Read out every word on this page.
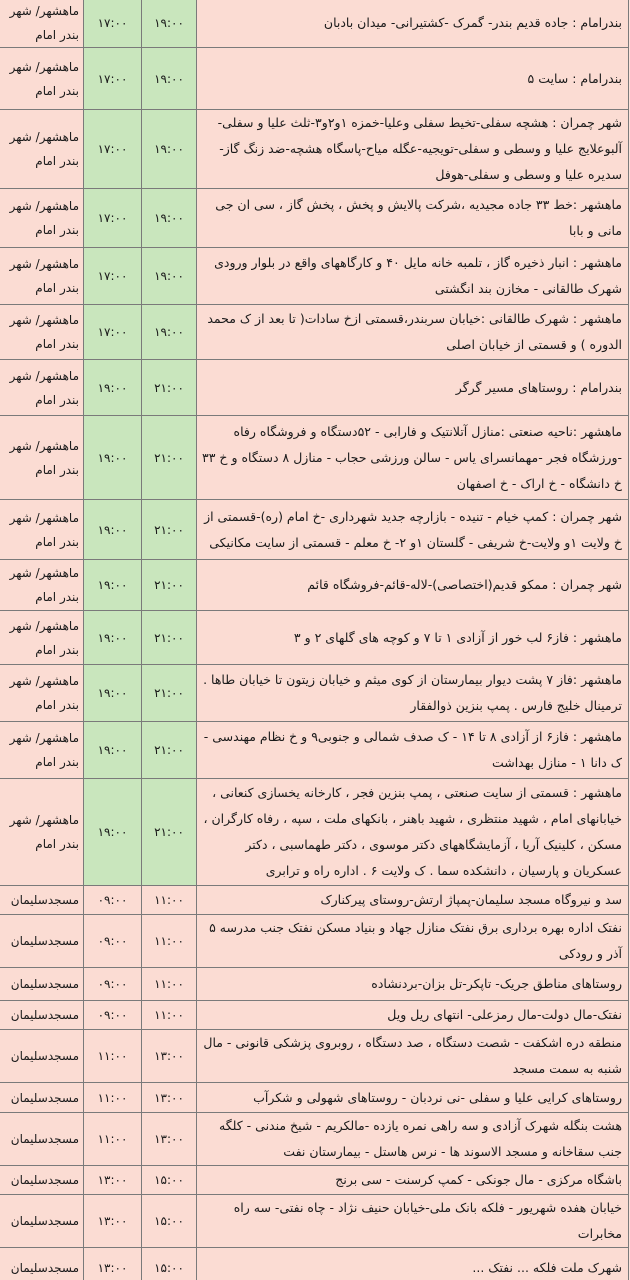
ماهشهر/ شهر بندر امام	۱۷:۰۰	۱۹:۰۰	بندرامام : جاده قدیم بندر- گمرک -کشتیرانی- میدان بادبان
ماهشهر/ شهر بندر امام	۱۷:۰۰	۱۹:۰۰	بندرامام : سایت ۵
ماهشهر/ شهر بندر امام	۱۷:۰۰	۱۹:۰۰	شهر چمران : هشچه سفلی-تخیط سفلی وعلیا-خمزه ۱و۲و۳-ثلث علیا و سفلی-آلبوعلایج علیا و وسطی و سفلی-تویجیه-عگله میاح-پاسگاه هشچه-ضد زنگ گاز-سدیره علیا و وسطی و سفلی-هوفل
ماهشهر/ شهر بندر امام	۱۷:۰۰	۱۹:۰۰	ماهشهر :خط ۳۳ جاده مجیدیه ،شرکت پالایش و پخش ، پخش گاز ، سی ان جی مانی و بابا
ماهشهر/ شهر بندر امام	۱۷:۰۰	۱۹:۰۰	ماهشهر : انبار ذخیره گاز ، تلمبه خانه مایل ۴۰ و کارگاههای واقع در بلوار ورودی شهرک طالقانی - مخازن بند انگشتی
ماهشهر/ شهر بندر امام	۱۷:۰۰	۱۹:۰۰	ماهشهر : شهرک طالقانی :خیابان سربندر،قسمتی ازخ سادات( تا بعد از ک محمد الدوره ) و قسمتی از خیابان اصلی
ماهشهر/ شهر بندر امام	۱۹:۰۰	۲۱:۰۰	بندرامام : روستاهای مسیر گرگر
ماهشهر/ شهر بندر امام	۱۹:۰۰	۲۱:۰۰	ماهشهر :ناحیه صنعتی :منازل آتلانتیک و فارابی - ۵۲دستگاه و فروشگاه رفاه -ورزشگاه فجر -مهمانسرای یاس - سالن ورزشی حجاب - منازل ۸ دستگاه و خ ۳۳ خ دانشگاه - خ اراک - خ اصفهان
ماهشهر/ شهر بندر امام	۱۹:۰۰	۲۱:۰۰	شهر چمران : کمپ خیام - تنیده - بازارچه جدید شهرداری -خ امام (ره)-قسمتی از خ ولایت ۱و ولایت-خ شریفی - گلستان ۱و ۲- خ معلم - قسمتی از سایت مکانیکی
ماهشهر/ شهر بندر امام	۱۹:۰۰	۲۱:۰۰	شهر چمران : ممکو قدیم(اختصاصی)-لاله-قائم-فروشگاه قائم
ماهشهر/ شهر بندر امام	۱۹:۰۰	۲۱:۰۰	ماهشهر : فاز۶ لب خور از آزادی ۱ تا ۷ و کوچه های گلهای ۲ و ۳
ماهشهر/ شهر بندر امام	۱۹:۰۰	۲۱:۰۰	ماهشهر :فاز ۷ پشت دیوار بیمارستان از کوی میثم و خیابان زیتون تا خیابان طاها . ترمینال خلیج فارس . پمپ بنزین ذوالفقار
ماهشهر/ شهر بندر امام	۱۹:۰۰	۲۱:۰۰	ماهشهر : فاز۶ از آزادی ۸ تا ۱۴ - ک صدف شمالی و جنوبی۹ و خ نظام مهندسی - ک دانا ۱ - منازل بهداشت
ماهشهر/ شهر بندر امام	۱۹:۰۰	۲۱:۰۰	ماهشهر : قسمتی از سایت صنعتی ، پمپ بنزین فجر ، کارخانه یخسازی کنعانی ، خیابانهای امام ، شهید منتظری ، شهید باهنر ، بانکهای ملت ، سپه ، رفاه کارگران ، مسکن ، کلینیک آریا ، آزمایشگاههای دکتر موسوی ، دکتر طهماسبی ، دکتر عسکریان و پارسیان ، دانشکده سما . ک ولایت ۶ . اداره راه و ترابری
مسجدسلیمان	۰۹:۰۰	۱۱:۰۰	سد و نیروگاه مسجد سلیمان-پمپاژ ارتش-روستای پیرکنارک
مسجدسلیمان	۰۹:۰۰	۱۱:۰۰	نفتک اداره بهره برداری برق نفتک منازل جهاد و بنیاد مسکن نفتک جنب مدرسه ۵ آذر و رودکی
مسجدسلیمان	۰۹:۰۰	۱۱:۰۰	روستاهای مناطق جریک- تاپکر-تل بزان-بردنشاده
مسجدسلیمان	۰۹:۰۰	۱۱:۰۰	نفتک-مال دولت-مال رمزعلی- انتهای ریل ویل
مسجدسلیمان	۱۱:۰۰	۱۳:۰۰	منطقه دره اشکفت - شصت دستگاه ، صد دستگاه ، روبروی پزشکی قانونی - مال شنبه به سمت مسجد
مسجدسلیمان	۱۱:۰۰	۱۳:۰۰	روستاهای کرایی علیا و سفلی -نی نردبان - روستاهای شهولی و شکرآب
مسجدسلیمان	۱۱:۰۰	۱۳:۰۰	هشت بنگله شهرک آزادی و سه راهی نمره یازده -مالکریم - شیخ مندنی - کلگه جنب سقاخانه و مسجد الاسوند ها - نرس هاستل - بیمارستان نفت
مسجدسلیمان	۱۳:۰۰	۱۵:۰۰	باشگاه مرکزی - مال جونکی - کمپ کرسنت - سی برنج
مسجدسلیمان	۱۳:۰۰	۱۵:۰۰	خیابان هفده شهریور - فلکه بانک ملی-خیابان حنیف نژاد - چاه نفتی- سه راه مخابرات
مسجدسلیمان	۱۳:۰۰	۱۵:۰۰	شهرک ملت فلکه ... نفتک ...
